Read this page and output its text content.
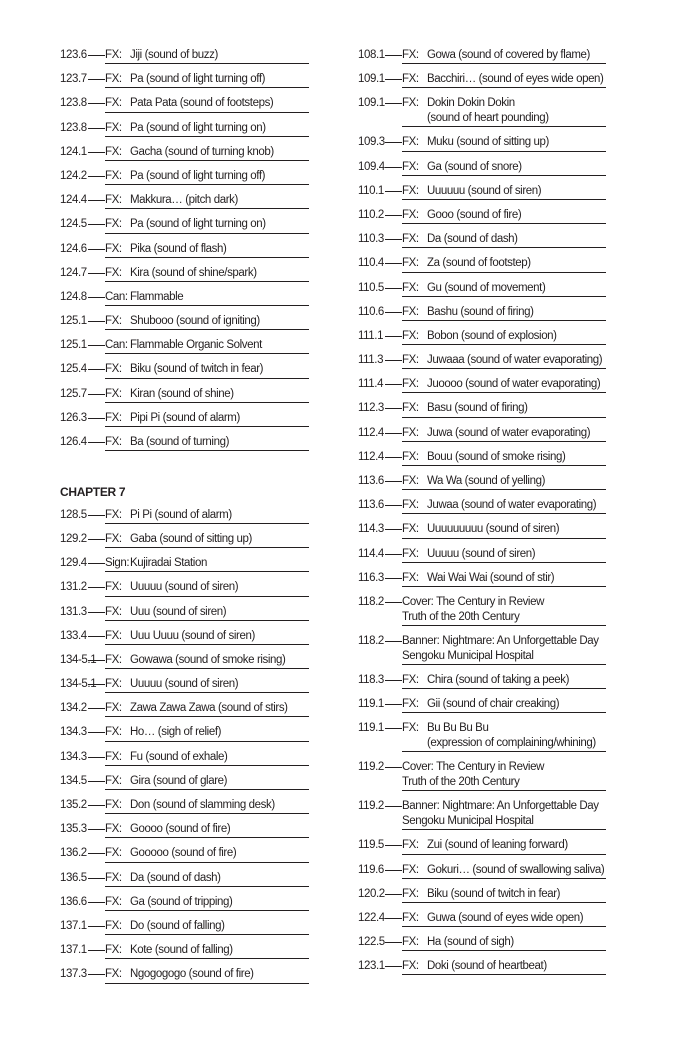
123.6 FX: Jiji (sound of buzz)
123.7 FX: Pa (sound of light turning off)
123.8 FX: Pata Pata (sound of footsteps)
123.8 FX: Pa (sound of light turning on)
124.1 FX: Gacha (sound of turning knob)
124.2 FX: Pa (sound of light turning off)
124.4 FX: Makkura… (pitch dark)
124.5 FX: Pa (sound of light turning on)
124.6 FX: Pika (sound of flash)
124.7 FX: Kira (sound of shine/spark)
124.8 Can: Flammable
125.1 FX: Shubooo (sound of igniting)
125.1 Can: Flammable Organic Solvent
125.4 FX: Biku (sound of twitch in fear)
125.7 FX: Kiran (sound of shine)
126.3 FX: Pipi Pi (sound of alarm)
126.4 FX: Ba (sound of turning)
CHAPTER 7
128.5 FX: Pi Pi (sound of alarm)
129.2 FX: Gaba (sound of sitting up)
129.4 Sign: Kujiradai Station
131.2 FX: Uuuuu (sound of siren)
131.3 FX: Uuu (sound of siren)
133.4 FX: Uuu Uuuu (sound of siren)
134-5.1 FX: Gowawa (sound of smoke rising)
134-5.1 FX: Uuuuu (sound of siren)
134.2 FX: Zawa Zawa Zawa (sound of stirs)
134.3 FX: Ho… (sigh of relief)
134.3 FX: Fu (sound of exhale)
134.5 FX: Gira (sound of glare)
135.2 FX: Don (sound of slamming desk)
135.3 FX: Goooo (sound of fire)
136.2 FX: Gooooo (sound of fire)
136.5 FX: Da (sound of dash)
136.6 FX: Ga (sound of tripping)
137.1 FX: Do (sound of falling)
137.1 FX: Kote (sound of falling)
137.3 FX: Ngogogogo (sound of fire)
108.1 FX: Gowa (sound of covered by flame)
109.1 FX: Bacchiri… (sound of eyes wide open)
109.1 FX: Dokin Dokin Dokin
(sound of heart pounding)
109.3 FX: Muku (sound of sitting up)
109.4 FX: Ga (sound of snore)
110.1 FX: Uuuuuu (sound of siren)
110.2 FX: Gooo (sound of fire)
110.3 FX: Da (sound of dash)
110.4 FX: Za (sound of footstep)
110.5 FX: Gu (sound of movement)
110.6 FX: Bashu (sound of firing)
111.1 FX: Bobon (sound of explosion)
111.3 FX: Juwaaa (sound of water evaporating)
111.4 FX: Juoooo (sound of water evaporating)
112.3 FX: Basu (sound of firing)
112.4 FX: Juwa (sound of water evaporating)
112.4 FX: Bouu (sound of smoke rising)
113.6 FX: Wa Wa (sound of yelling)
113.6 FX: Juwaa (sound of water evaporating)
114.3 FX: Uuuuuuuuu (sound of siren)
114.4 FX: Uuuuu (sound of siren)
116.3 FX: Wai Wai Wai (sound of stir)
118.2 Cover: The Century in Review
Truth of the 20th Century
118.2 Banner: Nightmare: An Unforgettable Day
Sengoku Municipal Hospital
118.3 FX: Chira (sound of taking a peek)
119.1 FX: Gii (sound of chair creaking)
119.1 FX: Bu Bu Bu Bu
(expression of complaining/whining)
119.2 Cover: The Century in Review
Truth of the 20th Century
119.2 Banner: Nightmare: An Unforgettable Day
Sengoku Municipal Hospital
119.5 FX: Zui (sound of leaning forward)
119.6 FX: Gokuri… (sound of swallowing saliva)
120.2 FX: Biku (sound of twitch in fear)
122.4 FX: Guwa (sound of eyes wide open)
122.5 FX: Ha (sound of sigh)
123.1 FX: Doki (sound of heartbeat)
